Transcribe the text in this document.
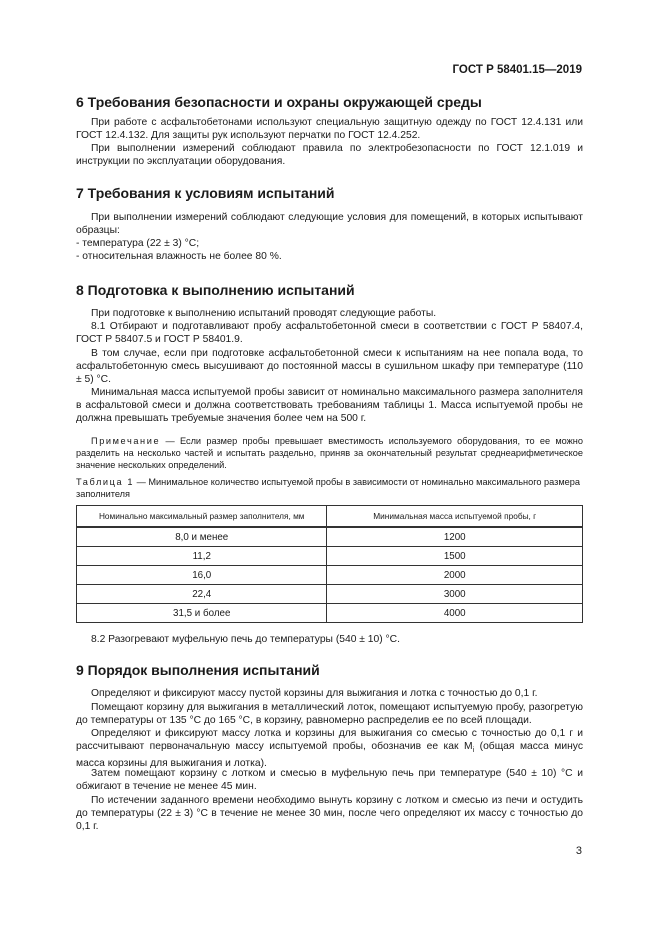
ГОСТ Р 58401.15—2019
6 Требования безопасности и охраны окружающей среды

При работе с асфальтобетонами используют специальную защитную одежду по ГОСТ 12.4.131 или ГОСТ 12.4.132. Для защиты рук используют перчатки по ГОСТ 12.4.252.

При выполнении измерений соблюдают правила по электробезопасности по ГОСТ 12.1.019 и инструкции по эксплуатации оборудования.

7 Требования к условиям испытаний

При выполнении измерений соблюдают следующие условия для помещений, в которых испытывают образцы:

- температура (22 ± 3) °С;

- относительная влажность не более 80 %.

8 Подготовка к выполнению испытаний

При подготовке к выполнению испытаний проводят следующие работы.

8.1 Отбирают и подготавливают пробу асфальтобетонной смеси в соответствии с ГОСТ Р 58407.4, ГОСТ Р 58407.5 и ГОСТ Р 58401.9.

В том случае, если при подготовке асфальтобетонной смеси к испытаниям на нее попала вода, то асфальтобетонную смесь высушивают до постоянной массы в сушильном шкафу при температуре (110 ± 5) °С.

Минимальная масса испытуемой пробы зависит от номинально максимального размера заполнителя в асфальтовой смеси и должна соответствовать требованиям таблицы 1. Масса испытуемой пробы не должна превышать требуемые значения более чем на 500 г.

Примечание — Если размер пробы превышает вместимость используемого оборудования, то ее можно разделить на несколько частей и испытать раздельно, приняв за окончательный результат среднеарифметическое значение нескольких определений.

Таблица 1 — Минимальное количество испытуемой пробы в зависимости от номинально максимального размера заполнителя

Номинально максимальный размер заполнителя, мм	Минимальная масса испытуемой пробы, г
8,0 и менее	1200
11,2	1500
16,0	2000
22,4	3000
31,5 и более	4000

8.2 Разогревают муфельную печь до температуры (540 ± 10) °С.

9 Порядок выполнения испытаний

Определяют и фиксируют массу пустой корзины для выжигания и лотка с точностью до 0,1 г.

Помещают корзину для выжигания в металлический лоток, помещают испытуемую пробу, разогретую до температуры от 135 °С до 165 °С, в корзину, равномерно распределив ее по всей площади.

Определяют и фиксируют массу лотка и корзины для выжигания со смесью с точностью до 0,1 г и рассчитывают первоначальную массу испытуемой пробы, обозначив ее как $M_i$ (общая масса минус масса корзины для выжигания и лотка).

Затем помещают корзину с лотком и смесью в муфельную печь при температуре (540 ± 10) °С и обжигают в течение не менее 45 мин.

По истечении заданного времени необходимо вынуть корзину с лотком и смесью из печи и остудить до температуры (22 ± 3) °С в течение не менее 30 мин, после чего определяют их массу с точностью до 0,1 г.

3
